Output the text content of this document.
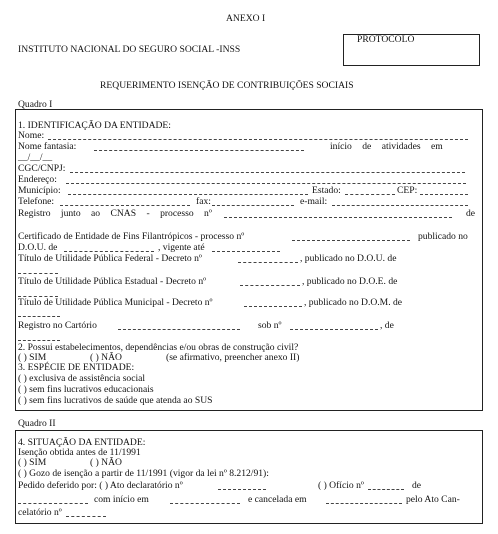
ANEXO I
INSTITUTO NACIONAL DO SEGURO SOCIAL -INSS
PROTOCOLO
REQUERIMENTO ISENÇÃO DE CONTRIBUIÇÕES SOCIAIS
Quadro I
1. IDENTIFICAÇÃO DA ENTIDADE:
Nome:
Nome fantasia:	início de atividades em
__/__/__
CGC/CNPJ:
Endereço:
Município:	Estado:	CEP:
Telefone:	fax:	e-mail:
Registro junto ao CNAS - processo nº	de
Certificado de Entidade de Fins Filantrópicos - processo nº	publicado no
D.O.U. de	, vigente até
Título de Utilidade Pública Federal - Decreto nº	, publicado no D.O.U. de
Título de Utilidade Pública Estadual - Decreto nº	, publicado no D.O.E. de
Título de Utilidade Pública Municipal - Decreto nº	, publicado no D.O.M. de
Registro no Cartório	sob nº	, de
2. Possui estabelecimentos, dependências e/ou obras de construção civil?
( ) SIM	( ) NÃO	(se afirmativo, preencher anexo II)
3. ESPÉCIE DE ENTIDADE:
( ) exclusiva de assistência social
( ) sem fins lucrativos educacionais
( ) sem fins lucrativos de saúde que atenda ao SUS
Quadro II
4. SITUAÇÃO DA ENTIDADE:
Isenção obtida antes de 11/1991
( ) SIM	( ) NÃO
( ) Gozo de isenção a partir de 11/1991 (vigor da lei nº 8.212/91):
Pedido deferido por: ( ) Ato declaratório nº	( ) Ofício nº	de
com início em	e cancelada em	pelo Ato Can-
celatório nº
